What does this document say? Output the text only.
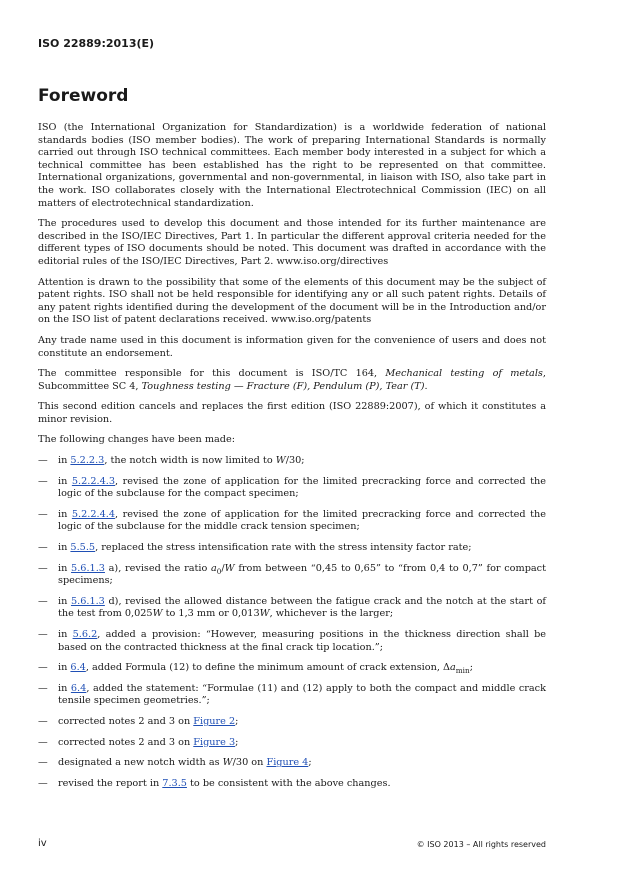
ISO 22889:2013(E)
Foreword

ISO (the International Organization for Standardization) is a worldwide federation of national standards bodies (ISO member bodies). The work of preparing International Standards is normally carried out through ISO technical committees. Each member body interested in a subject for which a technical committee has been established has the right to be represented on that committee. International organizations, governmental and non-governmental, in liaison with ISO, also take part in the work. ISO collaborates closely with the International Electrotechnical Commission (IEC) on all matters of electrotechnical standardization.

The procedures used to develop this document and those intended for its further maintenance are described in the ISO/IEC Directives, Part 1. In particular the different approval criteria needed for the different types of ISO documents should be noted. This document was drafted in accordance with the editorial rules of the ISO/IEC Directives, Part 2. www.iso.org/directives

Attention is drawn to the possibility that some of the elements of this document may be the subject of patent rights. ISO shall not be held responsible for identifying any or all such patent rights. Details of any patent rights identified during the development of the document will be in the Introduction and/or on the ISO list of patent declarations received. www.iso.org/patents

Any trade name used in this document is information given for the convenience of users and does not constitute an endorsement.

The committee responsible for this document is ISO/TC 164, Mechanical testing of metals, Subcommittee SC 4, Toughness testing — Fracture (F), Pendulum (P), Tear (T).

This second edition cancels and replaces the first edition (ISO 22889:2007), of which it constitutes a minor revision.

The following changes have been made:

—	in 5.2.2.3, the notch width is now limited to W/30;
—	in 5.2.2.4.3, revised the zone of application for the limited precracking force and corrected the logic of the subclause for the compact specimen;
—	in 5.2.2.4.4, revised the zone of application for the limited precracking force and corrected the logic of the subclause for the middle crack tension specimen;
—	in 5.5.5, replaced the stress intensification rate with the stress intensity factor rate;
—	in 5.6.1.3 a), revised the ratio $a_0/W$ from between “0,45 to 0,65” to “from 0,4 to 0,7” for compact specimens;
—	in 5.6.1.3 d), revised the allowed distance between the fatigue crack and the notch at the start of the test from 0,025W to 1,3 mm or 0,013W, whichever is the larger;
—	in 5.6.2, added a provision: “However, measuring positions in the thickness direction shall be based on the contracted thickness at the final crack tip location.”;
—	in 6.4, added Formula (12) to define the minimum amount of crack extension, $\Delta a_{min}$;
—	in 6.4, added the statement: “Formulae (11) and (12) apply to both the compact and middle crack tensile specimen geometries.”;
—	corrected notes 2 and 3 on Figure 2;
—	corrected notes 2 and 3 on Figure 3;
—	designated a new notch width as W/30 on Figure 4;
—	revised the report in 7.3.5 to be consistent with the above changes.
iv	© ISO 2013 – All rights reserved
